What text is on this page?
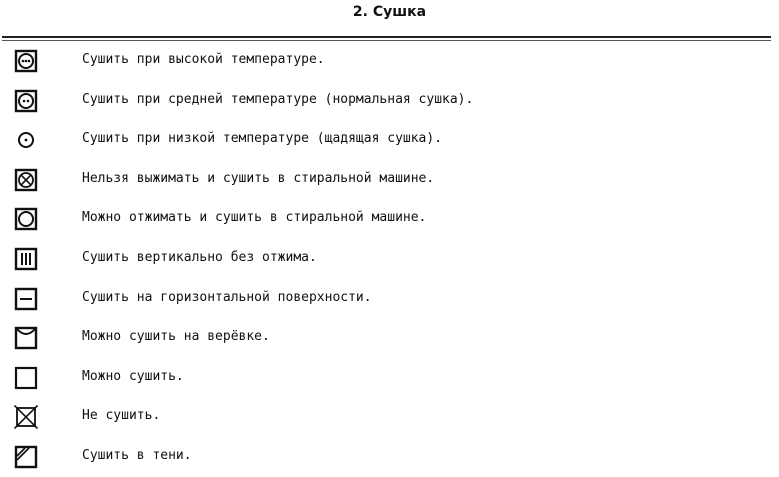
2. Сушка
Сушить при высокой температуре.
Сушить при средней температуре (нормальная сушка).
Сушить при низкой температуре (щадящая сушка).
Нельзя выжимать и сушить в стиральной машине.
Можно отжимать и сушить в стиральной машине.
Сушить вертикально без отжима.
Сушить на горизонтальной поверхности.
Можно сушить на верёвке.
Можно сушить.
Не сушить.
Сушить в тени.
